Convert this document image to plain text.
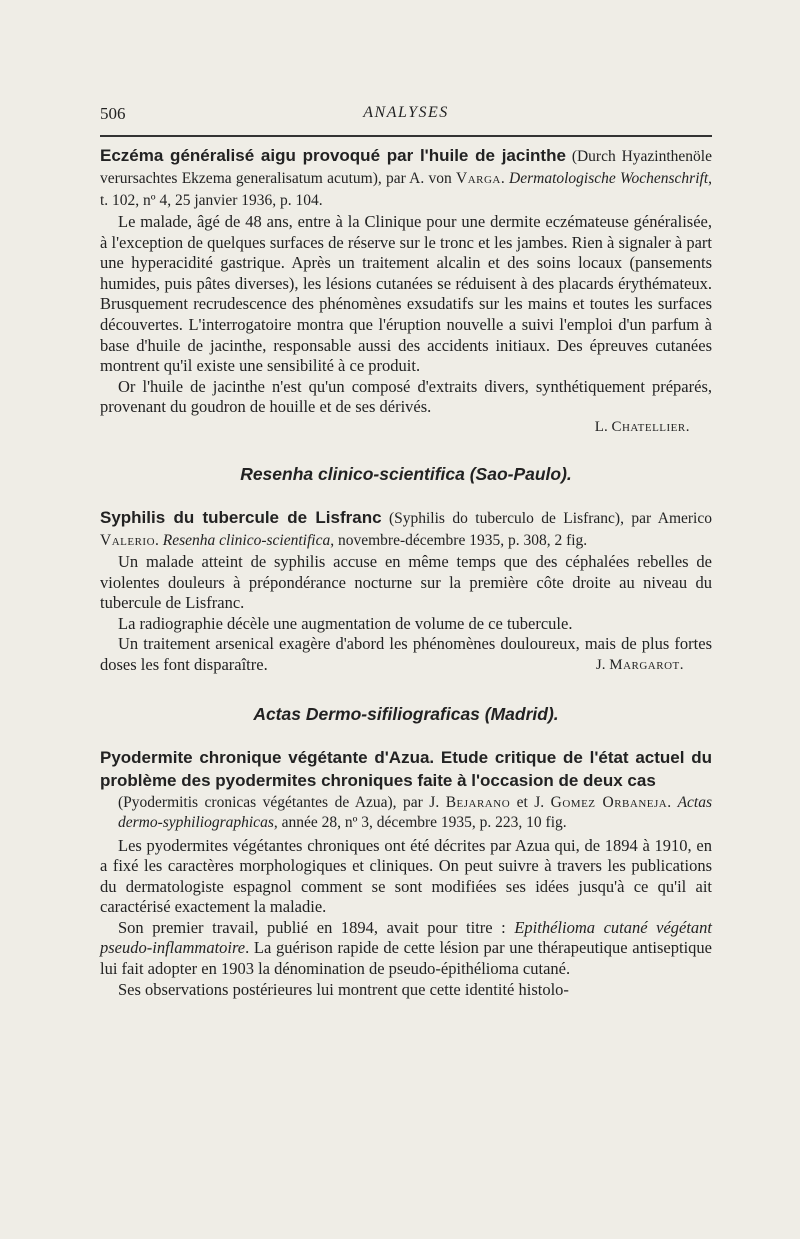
506	ANALYSES

Eczéma généralisé aigu provoqué par l'huile de jacinthe (Durch Hyazinthenöle verursachtes Ekzema generalisatum acutum), par A. von Varga. Dermatologische Wochenschrift, t. 102, nº 4, 25 janvier 1936, p. 104.

Le malade, âgé de 48 ans, entre à la Clinique pour une dermite eczémateuse généralisée, à l'exception de quelques surfaces de réserve sur le tronc et les jambes. Rien à signaler à part une hyperacidité gastrique. Après un traitement alcalin et des soins locaux (pansements humides, puis pâtes diverses), les lésions cutanées se réduisent à des placards érythémateux. Brusquement recrudescence des phénomènes exsudatifs sur les mains et toutes les surfaces découvertes. L'interrogatoire montra que l'éruption nouvelle a suivi l'emploi d'un parfum à base d'huile de jacinthe, responsable aussi des accidents initiaux. Des épreuves cutanées montrent qu'il existe une sensibilité à ce produit.

Or l'huile de jacinthe n'est qu'un composé d'extraits divers, synthétiquement préparés, provenant du goudron de houille et de ses dérivés.

L. Chatellier.

Resenha clinico-scientifica (Sao-Paulo).

Syphilis du tubercule de Lisfranc (Syphilis do tuberculo de Lisfranc), par Americo Valerio. Resenha clinico-scientifica, novembre-décembre 1935, p. 308, 2 fig.

Un malade atteint de syphilis accuse en même temps que des céphalées rebelles de violentes douleurs à prépondérance nocturne sur la première côte droite au niveau du tubercule de Lisfranc.

La radiographie décèle une augmentation de volume de ce tubercule.

Un traitement arsenical exagère d'abord les phénomènes douloureux, mais de plus fortes doses les font disparaître.	J. Margarot.

Actas Dermo-sifiliograficas (Madrid).

Pyodermite chronique végétante d'Azua. Etude critique de l'état actuel du problème des pyodermites chroniques faite à l'occasion de deux cas

(Pyodermitis cronicas végétantes de Azua), par J. Bejarano et J. Gomez Orbaneja. Actas dermo-syphiliographicas, année 28, nº 3, décembre 1935, p. 223, 10 fig.

Les pyodermites végétantes chroniques ont été décrites par Azua qui, de 1894 à 1910, en a fixé les caractères morphologiques et cliniques. On peut suivre à travers les publications du dermatologiste espagnol comment se sont modifiées ses idées jusqu'à ce qu'il ait caractérisé exactement la maladie.

Son premier travail, publié en 1894, avait pour titre : Epithélioma cutané végétant pseudo-inflammatoire. La guérison rapide de cette lésion par une thérapeutique antiseptique lui fait adopter en 1903 la dénomination de pseudo-épithélioma cutané.

Ses observations postérieures lui montrent que cette identité histolo-
